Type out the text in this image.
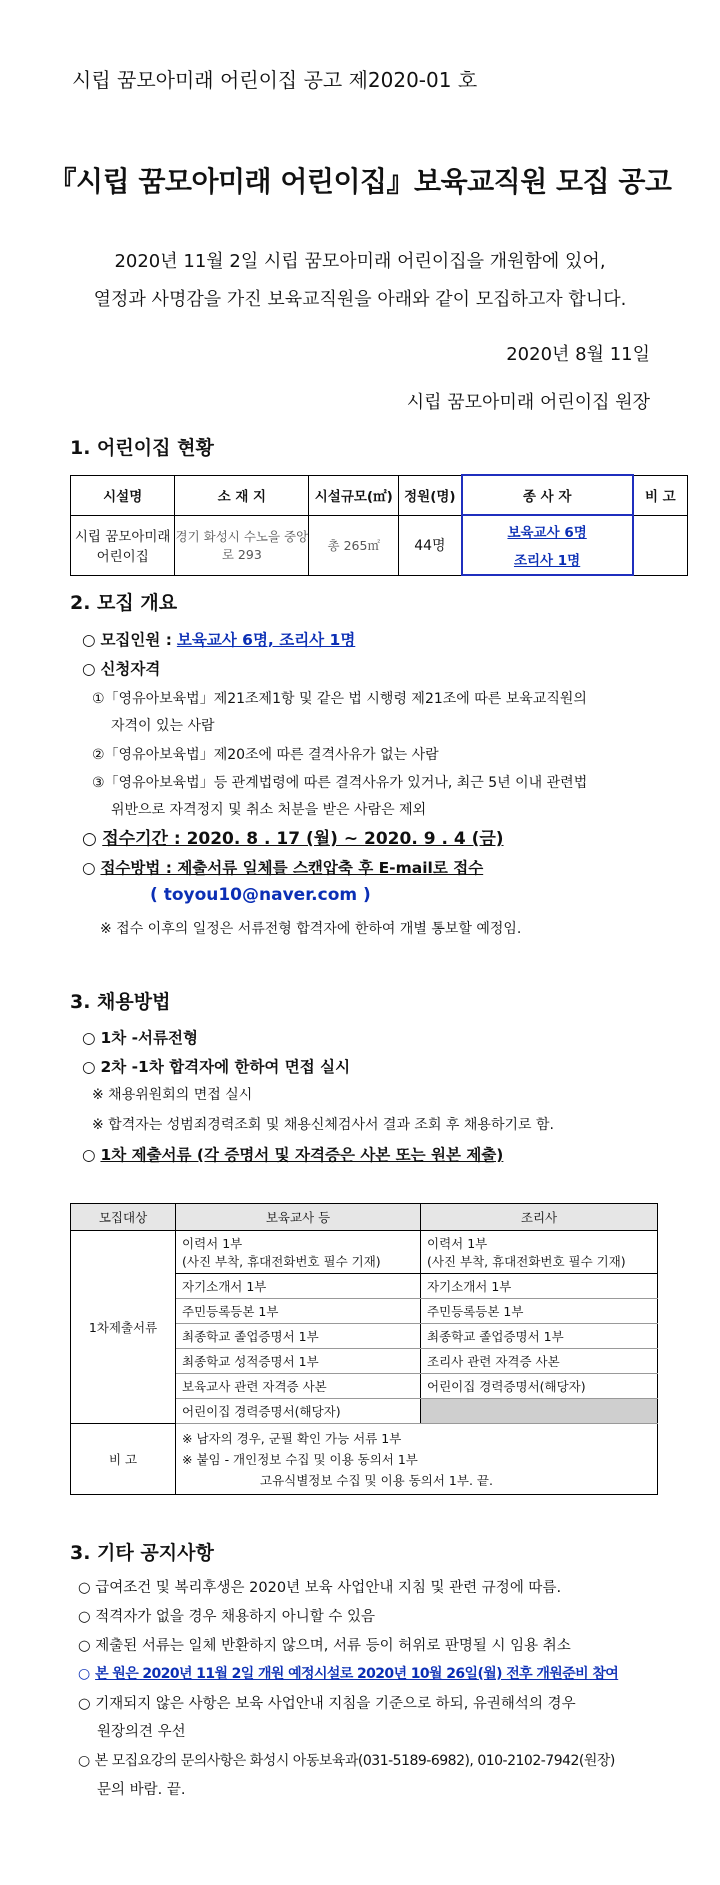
시립 꿈모아미래 어린이집 공고 제2020-01 호
『시립 꿈모아미래 어린이집』보육교직원 모집 공고
2020년 11월 2일 시립 꿈모아미래 어린이집을 개원함에 있어,
열정과 사명감을 가진 보육교직원을 아래와 같이 모집하고자 합니다.
2020년 8월 11일
시립 꿈모아미래 어린이집 원장
1. 어린이집 현황
시설명	소 재 지	시설규모(㎡)	정원(명)	종 사 자	비 고
시립 꿈모아미래 어린이집	경기 화성시 수노을 중앙로 293	총 265㎡	44명	보육교사 6명
조리사 1명	

2. 모집 개요
○ 모집인원 : 보육교사 6명, 조리사 1명
○ 신청자격
①「영유아보육법」제21조제1항 및 같은 법 시행령 제21조에 따른 보육교직원의
자격이 있는 사람
②「영유아보육법」제20조에 따른 결격사유가 없는 사람
③「영유아보육법」등 관계법령에 따른 결격사유가 있거나, 최근 5년 이내 관련법
위반으로 자격정지 및 취소 처분을 받은 사람은 제외
○ 접수기간 : 2020. 8 . 17 (월) ~ 2020. 9 . 4 (금)
○ 접수방법 : 제출서류 일체를 스캔압축 후 E-mail로 접수
( toyou10@naver.com )
※ 접수 이후의 일정은 서류전형 합격자에 한하여 개별 통보할 예정임.
3. 채용방법
○ 1차 -서류전형
○ 2차 -1차 합격자에 한하여 면접 실시
※ 채용위원회의 면접 실시
※ 합격자는 성범죄경력조회 및 채용신체검사서 결과 조회 후 채용하기로 함.
○ 1차 제출서류 (각 증명서 및 자격증은 사본 또는 원본 제출)
모집대상	보육교사 등	조리사
1차제출서류	이력서 1부
(사진 부착, 휴대전화번호 필수 기재)	이력서 1부
(사진 부착, 휴대전화번호 필수 기재)
	자기소개서 1부	자기소개서 1부
	주민등록등본 1부	주민등록등본 1부
	최종학교 졸업증명서 1부	최종학교 졸업증명서 1부
	최종학교 성적증명서 1부	조리사 관련 자격증 사본
	보육교사 관련 자격증 사본	어린이집 경력증명서(해당자)
	어린이집 경력증명서(해당자)	
비 고	※ 남자의 경우, 군필 확인 가능 서류 1부
※ 붙임 - 개인정보 수집 및 이용 동의서 1부
고유식별정보 수집 및 이용 동의서 1부. 끝.	
3. 기타 공지사항
○ 급여조건 및 복리후생은 2020년 보육 사업안내 지침 및 관련 규정에 따름.
○ 적격자가 없을 경우 채용하지 아니할 수 있음
○ 제출된 서류는 일체 반환하지 않으며, 서류 등이 허위로 판명될 시 임용 취소
○ 본 원은 2020년 11월 2일 개원 예정시설로 2020년 10월 26일(월) 전후 개원준비 참여
○ 기재되지 않은 사항은 보육 사업안내 지침을 기준으로 하되, 유권해석의 경우
원장의견 우선
○ 본 모집요강의 문의사항은 화성시 아동보육과(031-5189-6982), 010-2102-7942(원장)
문의 바람. 끝.
